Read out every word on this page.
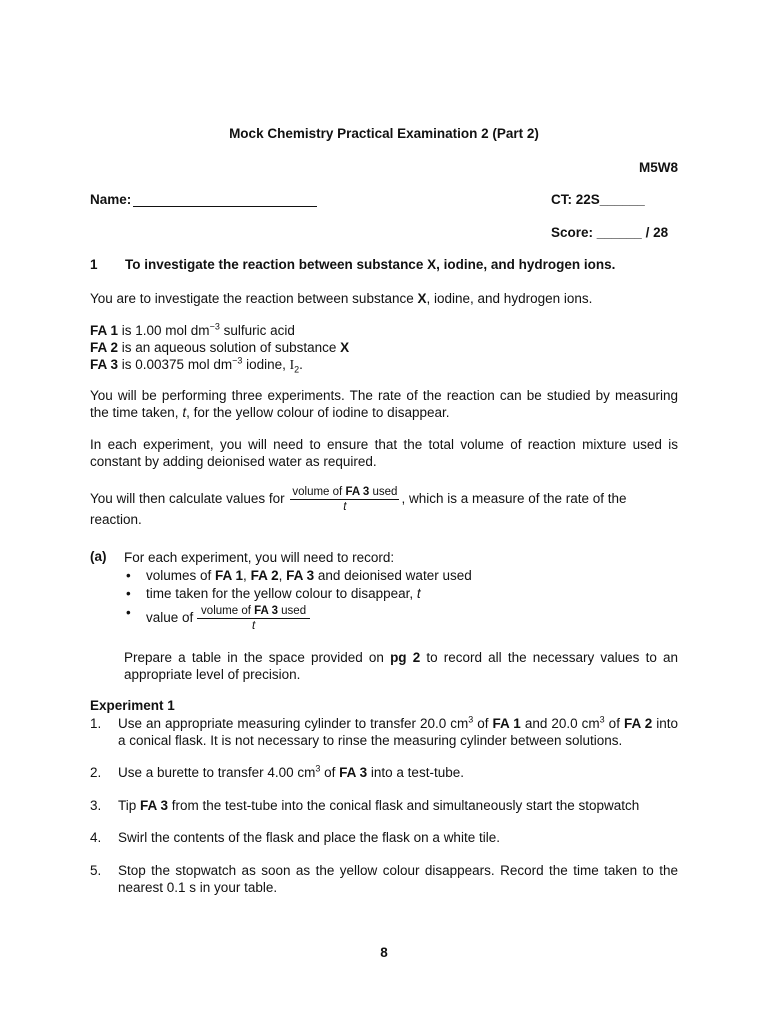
Mock Chemistry Practical Examination 2 (Part 2)
M5W8
Name:	CT: 22S______
Score: ______ / 28
1 To investigate the reaction between substance X, iodine, and hydrogen ions.
You are to investigate the reaction between substance X, iodine, and hydrogen ions.
FA 1 is 1.00 mol $dm^{-3}$ sulfuric acid
FA 2 is an aqueous solution of substance X
FA 3 is 0.00375 mol $dm^{-3}$ iodine, $I_2$.
You will be performing three experiments. The rate of the reaction can be studied by measuring the time taken, t, for the yellow colour of iodine to disappear.
In each experiment, you will need to ensure that the total volume of reaction mixture used is constant by adding deionised water as required.
You will then calculate values for $\frac{\text{volume of FA 3 used}}{t}$ , which is a measure of the rate of the
reaction.
(a) For each experiment, you will need to record:
• volumes of FA 1, FA 2, FA 3 and deionised water used
• time taken for the yellow colour to disappear, t
• value of $\frac{\text{volume of FA 3 used}}{t}$
Prepare a table in the space provided on pg 2 to record all the necessary values to an appropriate level of precision.
Experiment 1
1. Use an appropriate measuring cylinder to transfer 20.0 $cm^3$ of FA 1 and 20.0 $cm^3$ of FA 2 into a conical flask. It is not necessary to rinse the measuring cylinder between solutions.
2. Use a burette to transfer 4.00 $cm^3$ of FA 3 into a test-tube.
3. Tip FA 3 from the test-tube into the conical flask and simultaneously start the stopwatch
4. Swirl the contents of the flask and place the flask on a white tile.
5. Stop the stopwatch as soon as the yellow colour disappears. Record the time taken to the nearest 0.1 s in your table.
8
